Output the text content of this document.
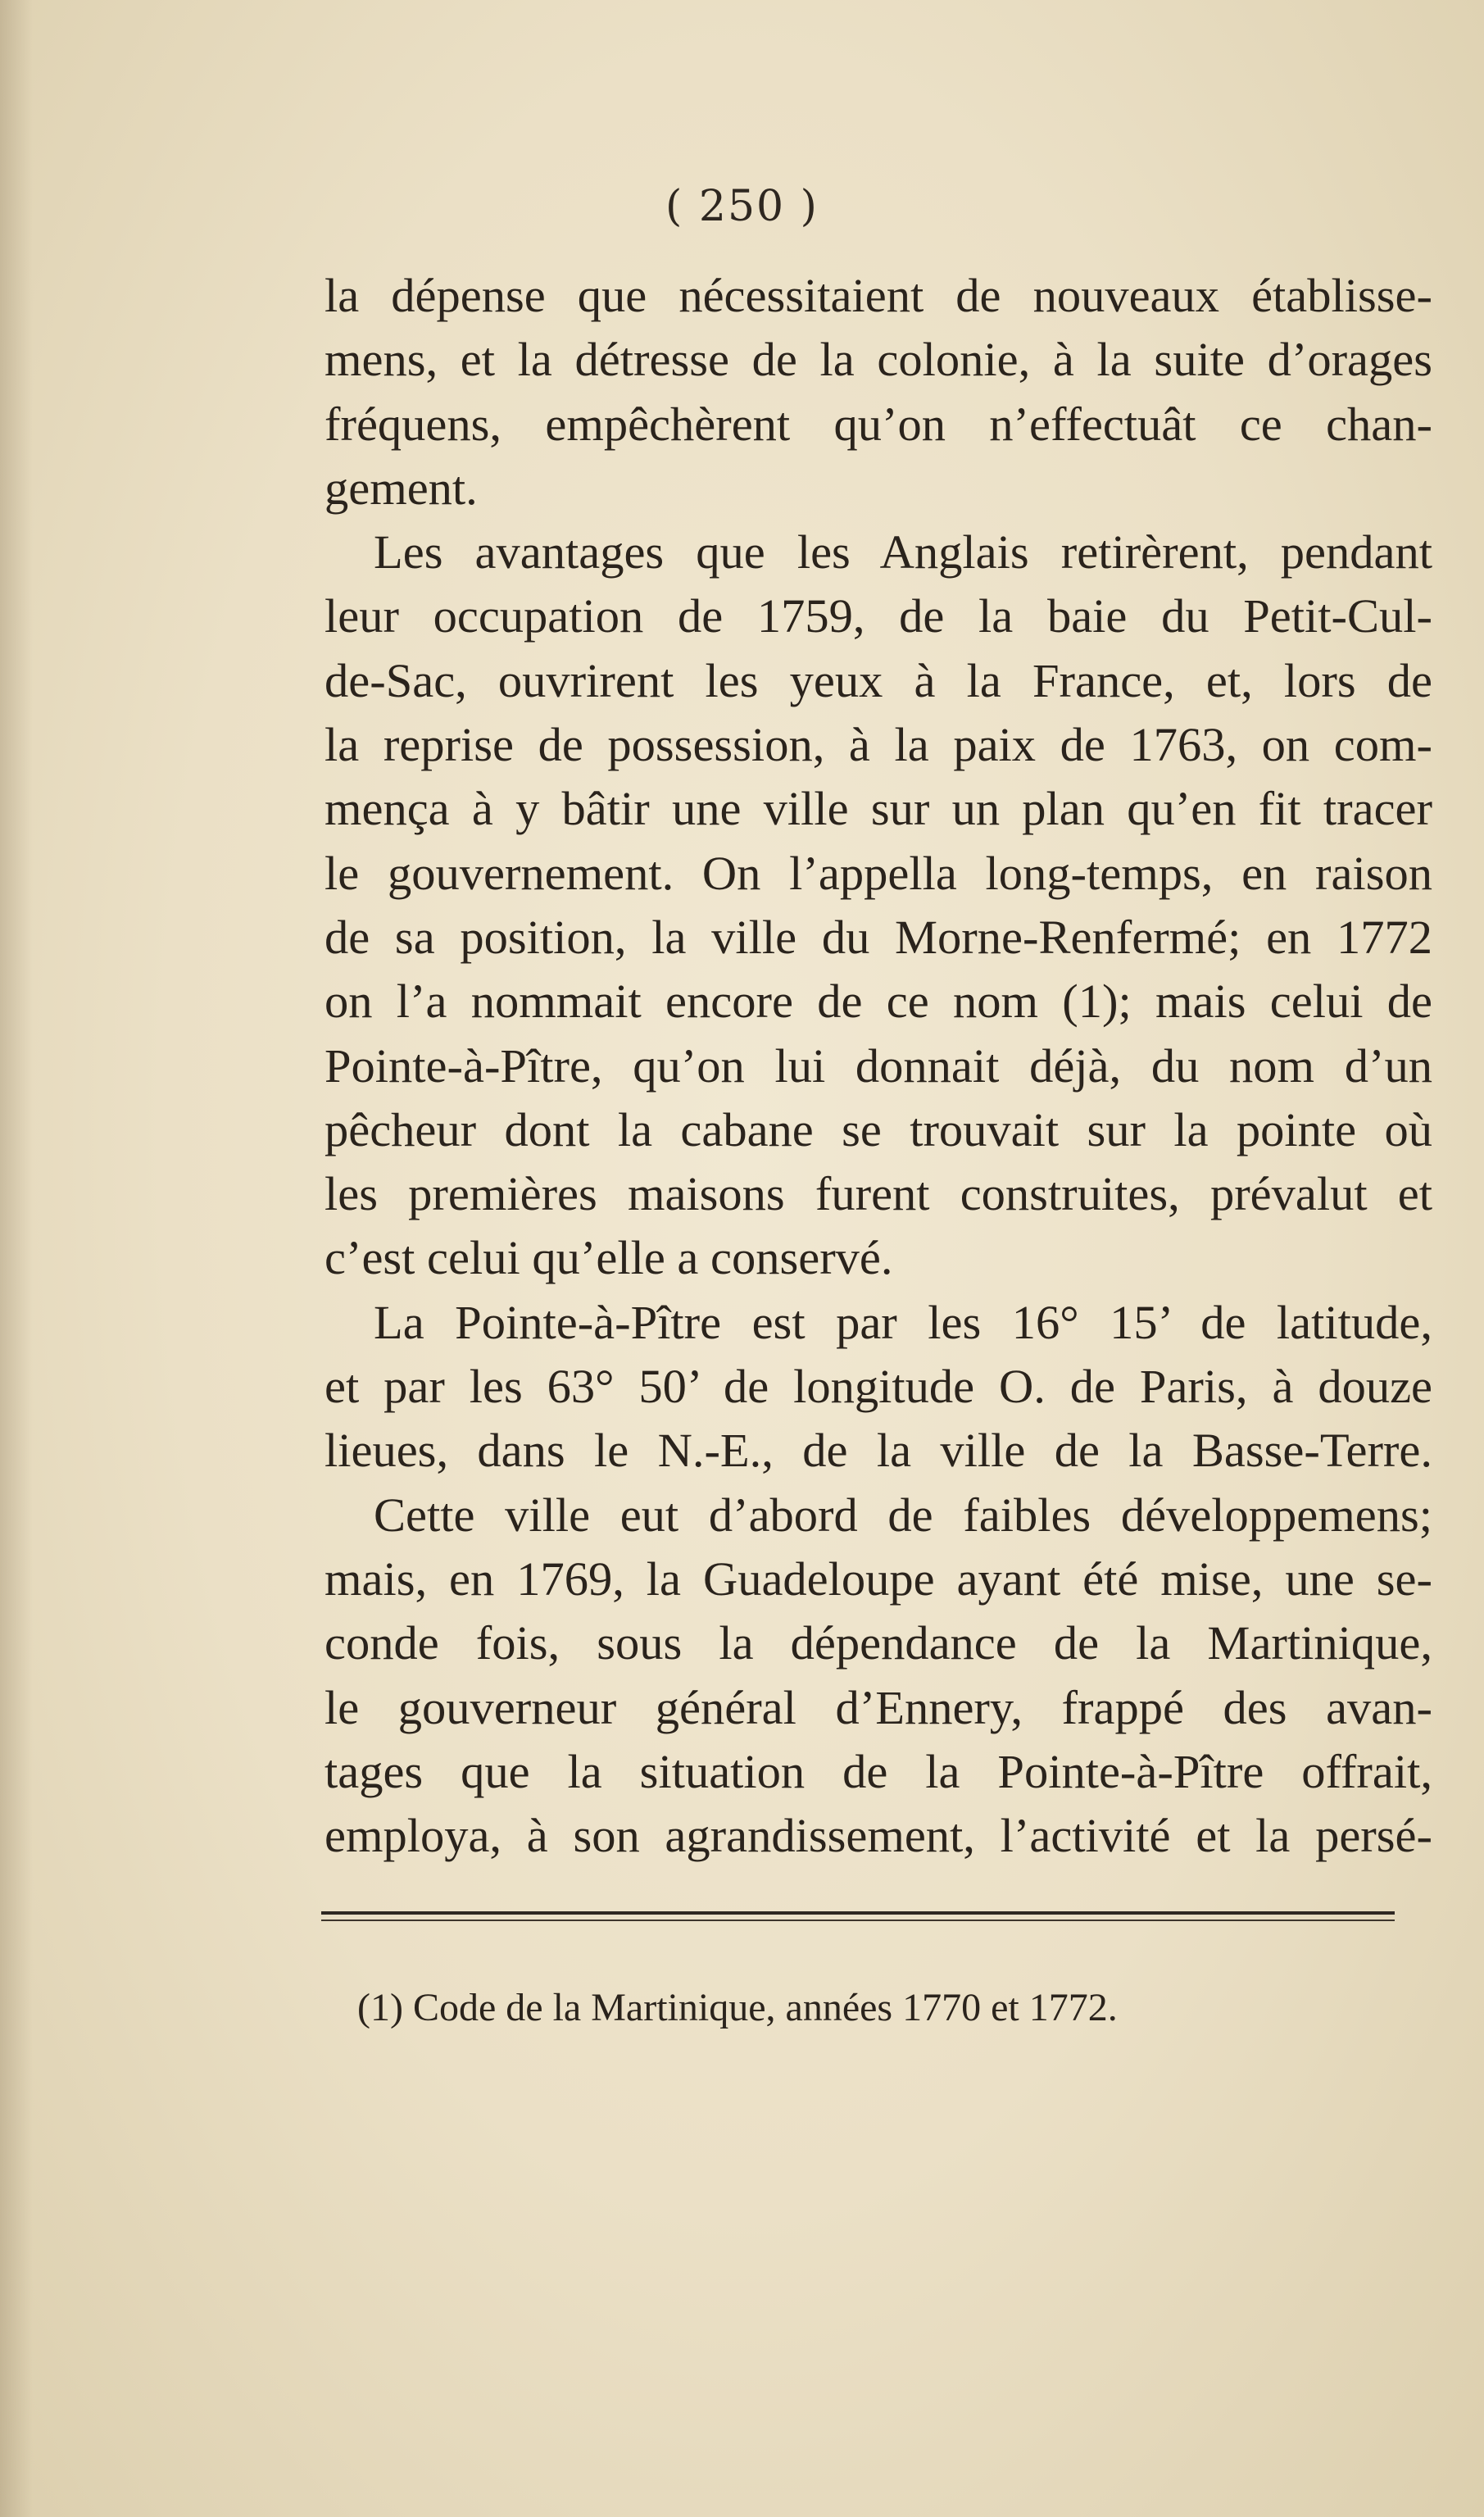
( 250 )

la dépense que nécessitaient de nouveaux établisse-

mens, et la détresse de la colonie, à la suite d’orages

fréquens, empêchèrent qu’on n’effectuât ce chan-

gement.

Les avantages que les Anglais retirèrent, pendant

leur occupation de 1759, de la baie du Petit-Cul-

de-Sac, ouvrirent les yeux à la France, et, lors de

la reprise de possession, à la paix de 1763, on com-

mença à y bâtir une ville sur un plan qu’en fit tracer

le gouvernement. On l’appella long-temps, en raison

de sa position, la ville du Morne-Renfermé; en 1772

on l’a nommait encore de ce nom (1); mais celui de

Pointe-à-Pître, qu’on lui donnait déjà, du nom d’un

pêcheur dont la cabane se trouvait sur la pointe où

les premières maisons furent construites, prévalut et

c’est celui qu’elle a conservé.

La Pointe-à-Pître est par les 16° 15’ de latitude,

et par les 63° 50’ de longitude O. de Paris, à douze

lieues, dans le N.-E., de la ville de la Basse-Terre.

Cette ville eut d’abord de faibles développemens;

mais, en 1769, la Guadeloupe ayant été mise, une se-

conde fois, sous la dépendance de la Martinique,

le gouverneur général d’Ennery, frappé des avan-

tages que la situation de la Pointe-à-Pître offrait,

employa, à son agrandissement, l’activité et la persé-

(1) Code de la Martinique, années 1770 et 1772.
